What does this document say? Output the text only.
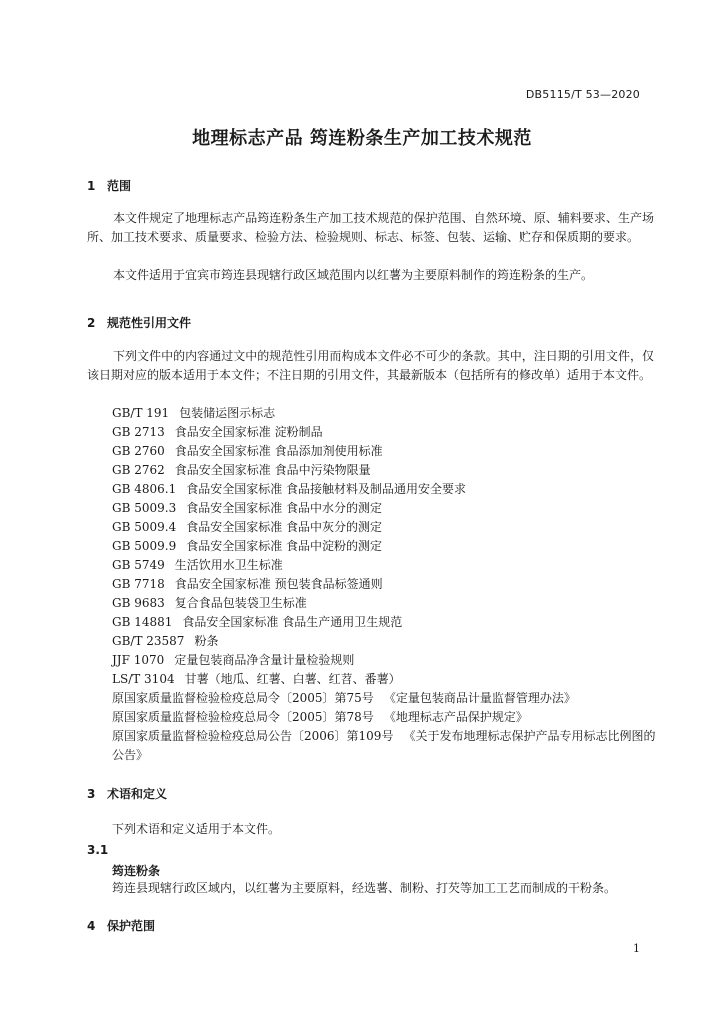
DB5115/T 53—2020
地理标志产品 筠连粉条生产加工技术规范
1 范围
本文件规定了地理标志产品筠连粉条生产加工技术规范的保护范围、自然环境、原、辅料要求、生产场所、加工技术要求、质量要求、检验方法、检验规则、标志、标签、包装、运输、贮存和保质期的要求。
本文件适用于宜宾市筠连县现辖行政区域范围内以红薯为主要原料制作的筠连粉条的生产。
2 规范性引用文件
下列文件中的内容通过文中的规范性引用而构成本文件必不可少的条款。其中，注日期的引用文件，仅该日期对应的版本适用于本文件；不注日期的引用文件，其最新版本（包括所有的修改单）适用于本文件。
GB/T 191 包装储运图示标志
GB 2713 食品安全国家标准 淀粉制品
GB 2760 食品安全国家标准 食品添加剂使用标准
GB 2762 食品安全国家标准 食品中污染物限量
GB 4806.1 食品安全国家标准 食品接触材料及制品通用安全要求
GB 5009.3 食品安全国家标准 食品中水分的测定
GB 5009.4 食品安全国家标准 食品中灰分的测定
GB 5009.9 食品安全国家标准 食品中淀粉的测定
GB 5749 生活饮用水卫生标准
GB 7718 食品安全国家标准 预包装食品标签通则
GB 9683 复合食品包装袋卫生标准
GB 14881 食品安全国家标准 食品生产通用卫生规范
GB/T 23587 粉条
JJF 1070 定量包装商品净含量计量检验规则
LS/T 3104 甘薯（地瓜、红薯、白薯、红苕、番薯）
原国家质量监督检验检疫总局令〔2005〕第75号 《定量包装商品计量监督管理办法》
原国家质量监督检验检疫总局令〔2005〕第78号 《地理标志产品保护规定》
原国家质量监督检验检疫总局公告〔2006〕第109号 《关于发布地理标志保护产品专用标志比例图的公告》
3 术语和定义
下列术语和定义适用于本文件。
3.1
筠连粉条
筠连县现辖行政区域内，以红薯为主要原料，经选薯、制粉、打芡等加工工艺而制成的干粉条。
4 保护范围
1
